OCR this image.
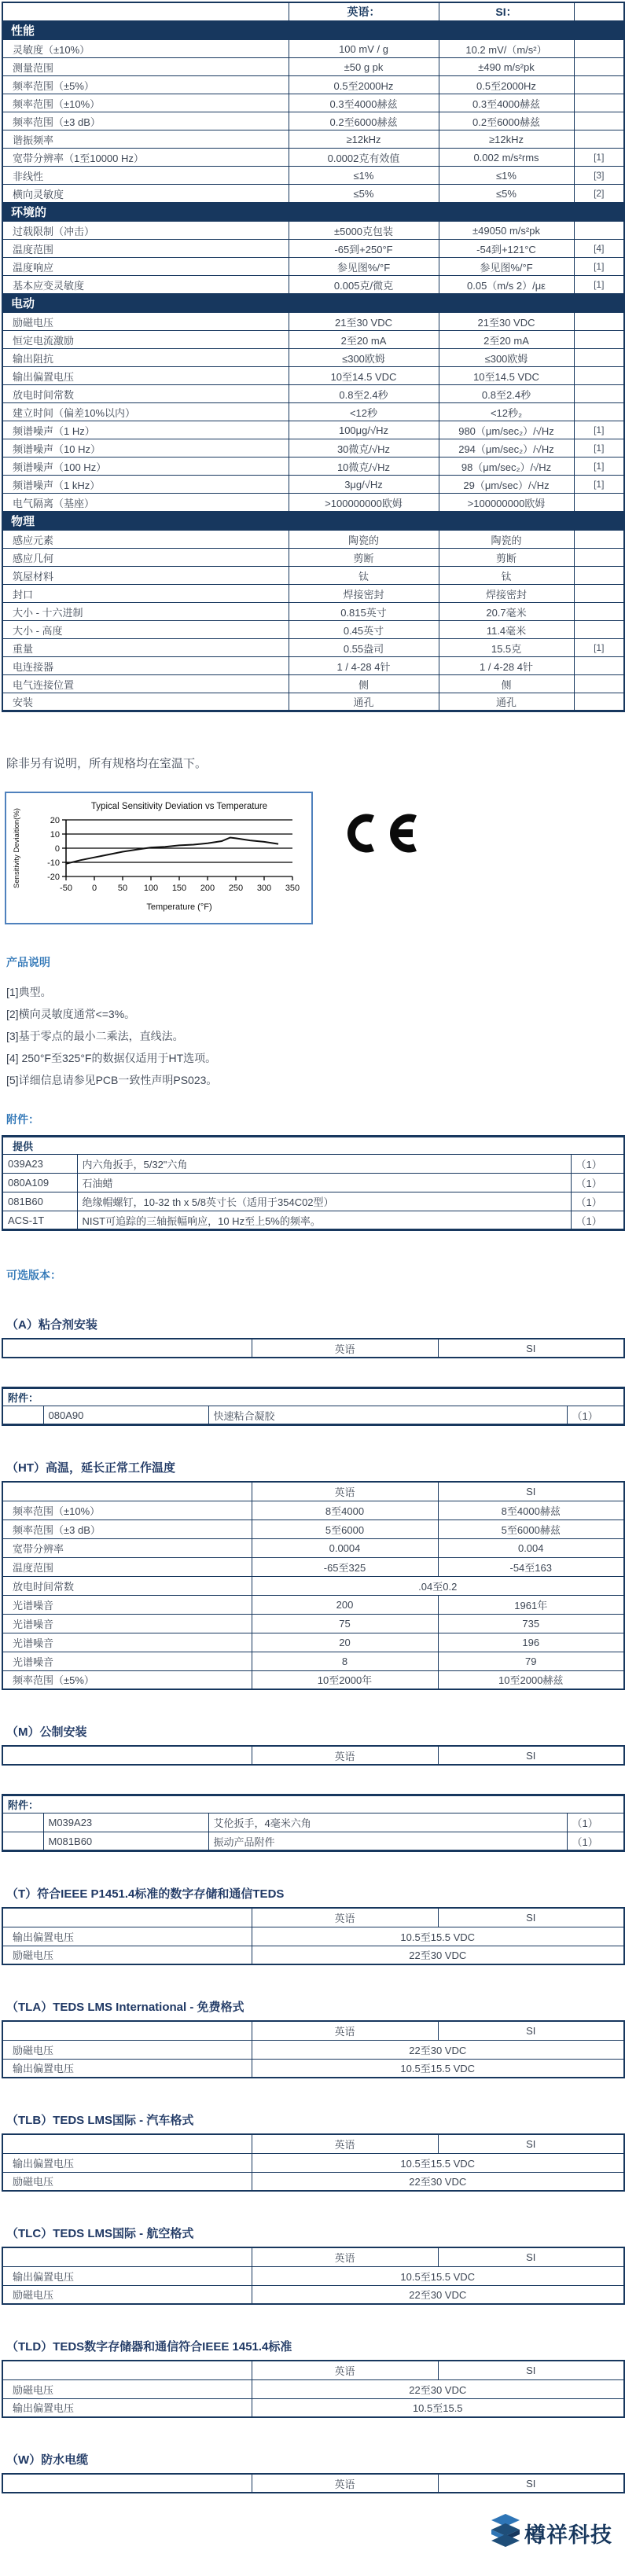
	英语：	SI：	
性能			
灵敏度（±10%）	100 mV / g	10.2 mV/（m/s²）	
测量范围	±50 g pk	±490 m/s²pk	
频率范围（±5%）	0.5至2000Hz	0.5至2000Hz	
频率范围（±10%）	0.3至4000赫兹	0.3至4000赫兹	
频率范围（±3 dB）	0.2至6000赫兹	0.2至6000赫兹	
谐振频率	≥12kHz	≥12kHz	
宽带分辨率（1至10000 Hz）	0.0002克有效值	0.002 m/s²rms	[1]
非线性	≤1%	≤1%	[3]
横向灵敏度	≤5%	≤5%	[2]
环境的			
过载限制（冲击）	±5000克包装	±49050 m/s²pk	
温度范围	-65到+250°F	-54到+121°C	[4]
温度响应	参见图%/°F	参见图%/°F	[1]
基本应变灵敏度	0.005克/微克	0.05（m/s 2）/με	[1]
电动			
励磁电压	21至30 VDC	21至30 VDC	
恒定电流激励	2至20 mA	2至20 mA	
输出阻抗	≤300欧姆	≤300欧姆	
输出偏置电压	10至14.5 VDC	10至14.5 VDC	
放电时间常数	0.8至2.4秒	0.8至2.4秒	
建立时间（偏差10%以内）	<12秒	<12秒₂	
频谱噪声（1 Hz）	100μg/√Hz	980（μm/sec₂）/√Hz	[1]
频谱噪声（10 Hz）	30微克/√Hz	294（μm/sec₂）/√Hz	[1]
频谱噪声（100 Hz）	10微克/√Hz	98（μm/sec₂）/√Hz	[1]
频谱噪声（1 kHz）	3μg/√Hz	29（μm/sec）/√Hz	[1]
电气隔离（基座）	>100000000欧姆	>100000000欧姆	
物理			
感应元素	陶瓷的	陶瓷的	
感应几何	剪断	剪断	
筑屋材料	钛	钛	
封口	焊接密封	焊接密封	
大小 - 十六进制	0.815英寸	20.7毫米	
大小 - 高度	0.45英寸	11.4毫米	
重量	0.55盎司	15.5克	[1]
电连接器	1 / 4-28 4针	1 / 4-28 4针	
电气连接位置	侧	侧	
安装	通孔	通孔	
除非另有说明，所有规格均在室温下。
Typical Sensitivity Deviation vs Temperature
Sensitivity Deviaition(%)
Temperature (°F)
-20
-10
0
10
20
-50 0 50 100 150 200 250 300 350
产品说明
[1]典型。
[2]横向灵敏度通常<=3%。
[3]基于零点的最小二乘法，直线法。
[4] 250°F至325°F的数据仅适用于HT选项。
[5]详细信息请参见PCB一致性声明PS023。
附件：
提供		
039A23	内六角扳手，5/32"六角	（1）
080A109	石油蜡	（1）
081B60	绝缘帽螺钉，10-32 th x 5/8英寸长（适用于354C02型）	（1）
ACS-1T	NIST可追踪的三轴振幅响应，10 Hz至上5%的频率。	（1）
可选版本：
（A）粘合剂安装
	英语	SI
附件：
	080A90	快速粘合凝胶	（1）
（HT）高温，延长正常工作温度
	英语	SI
频率范围（±10%）	8至4000	8至4000赫兹
频率范围（±3 dB）	5至6000	5至6000赫兹
宽带分辨率	0.0004	0.004
温度范围	-65至325	-54至163
放电时间常数	.04至0.2	
光谱噪音	200	1961年
光谱噪音	75	735
光谱噪音	20	196
光谱噪音	8	79
频率范围（±5%）	10至2000年	10至2000赫兹
（M）公制安装
	英语	SI
附件：			
	M039A23	艾伦扳手，4毫米六角	（1）
	M081B60	振动产品附件	（1）
（T）符合IEEE P1451.4标准的数字存储和通信TEDS
	英语	SI
输出偏置电压	10.5至15.5 VDC	
励磁电压	22至30 VDC	
（TLA）TEDS LMS International - 免费格式
	英语	SI
励磁电压	22至30 VDC	
输出偏置电压	10.5至15.5 VDC	
（TLB）TEDS LMS国际 - 汽车格式
	英语	SI
输出偏置电压	10.5至15.5 VDC	
励磁电压	22至30 VDC	
（TLC）TEDS LMS国际 - 航空格式
	英语	SI
输出偏置电压	10.5至15.5 VDC	
励磁电压	22至30 VDC	
（TLD）TEDS数字存储器和通信符合IEEE 1451.4标准
	英语	SI
励磁电压	22至30 VDC	
输出偏置电压	10.5至15.5	
（W）防水电缆
	英语	SI
樽祥科技
